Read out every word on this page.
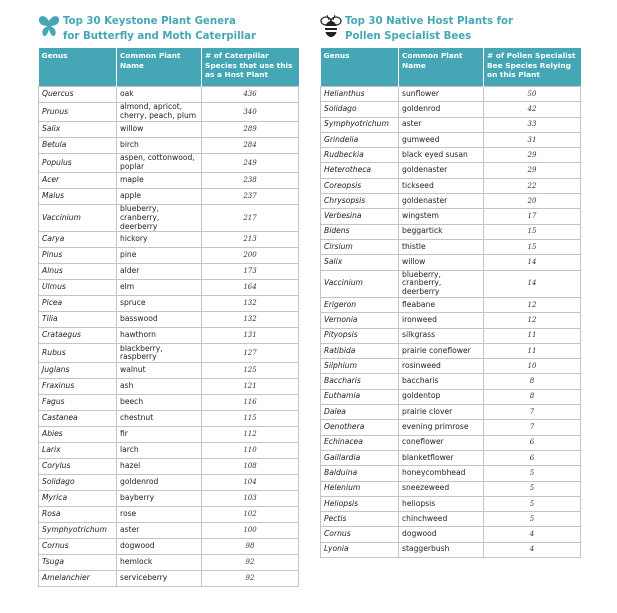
Top 30 Keystone Plant Genera
for Butterfly and Moth Caterpillar
Genus	Common Plant Name	# of Caterpillar Species that use this as a Host Plant
Quercus	oak	436
Prunus	almond, apricot, cherry, peach, plum	340
Salix	willow	289
Betula	birch	284
Populus	aspen, cottonwood, poplar	249
Acer	maple	238
Malus	apple	237
Vaccinium	blueberry, cranberry, deerberry	217
Carya	hickory	213
Pinus	pine	200
Alnus	alder	173
Ulmus	elm	164
Picea	spruce	132
Tilia	basswood	132
Crataegus	hawthorn	131
Rubus	blackberry, raspberry	127
Juglans	walnut	125
Fraxinus	ash	121
Fagus	beech	116
Castanea	chestnut	115
Abies	fir	112
Larix	larch	110
Corylus	hazel	108
Solidago	goldenrod	104
Myrica	bayberry	103
Rosa	rose	102
Symphyotrichum	aster	100
Cornus	dogwood	98
Tsuga	hemlock	92
Amelanchier	serviceberry	92
Top 30 Native Host Plants for
Pollen Specialist Bees
Genus	Common Plant Name	# of Pollen Specialist Bee Species Relying on this Plant
Helianthus	sunflower	50
Solidago	goldenrod	42
Symphyotrichum	aster	33
Grindelia	gumweed	31
Rudbeckia	black eyed susan	29
Heterotheca	goldenaster	29
Coreopsis	tickseed	22
Chrysopsis	goldenaster	20
Verbesina	wingstem	17
Bidens	beggartick	15
Cirsium	thistle	15
Salix	willow	14
Vaccinium	blueberry, cranberry, deerberry	14
Erigeron	fleabane	12
Vernonia	ironweed	12
Pityopsis	silkgrass	11
Ratibida	prairie coneflower	11
Silphium	rosinweed	10
Baccharis	baccharis	8
Euthamia	goldentop	8
Dalea	prairie clover	7
Oenothera	evening primrose	7
Echinacea	coneflower	6
Gaillardia	blanketflower	6
Balduina	honeycombhead	5
Helenium	sneezeweed	5
Heliopsis	heliopsis	5
Pectis	chinchweed	5
Cornus	dogwood	4
Lyonia	staggerbush	4
